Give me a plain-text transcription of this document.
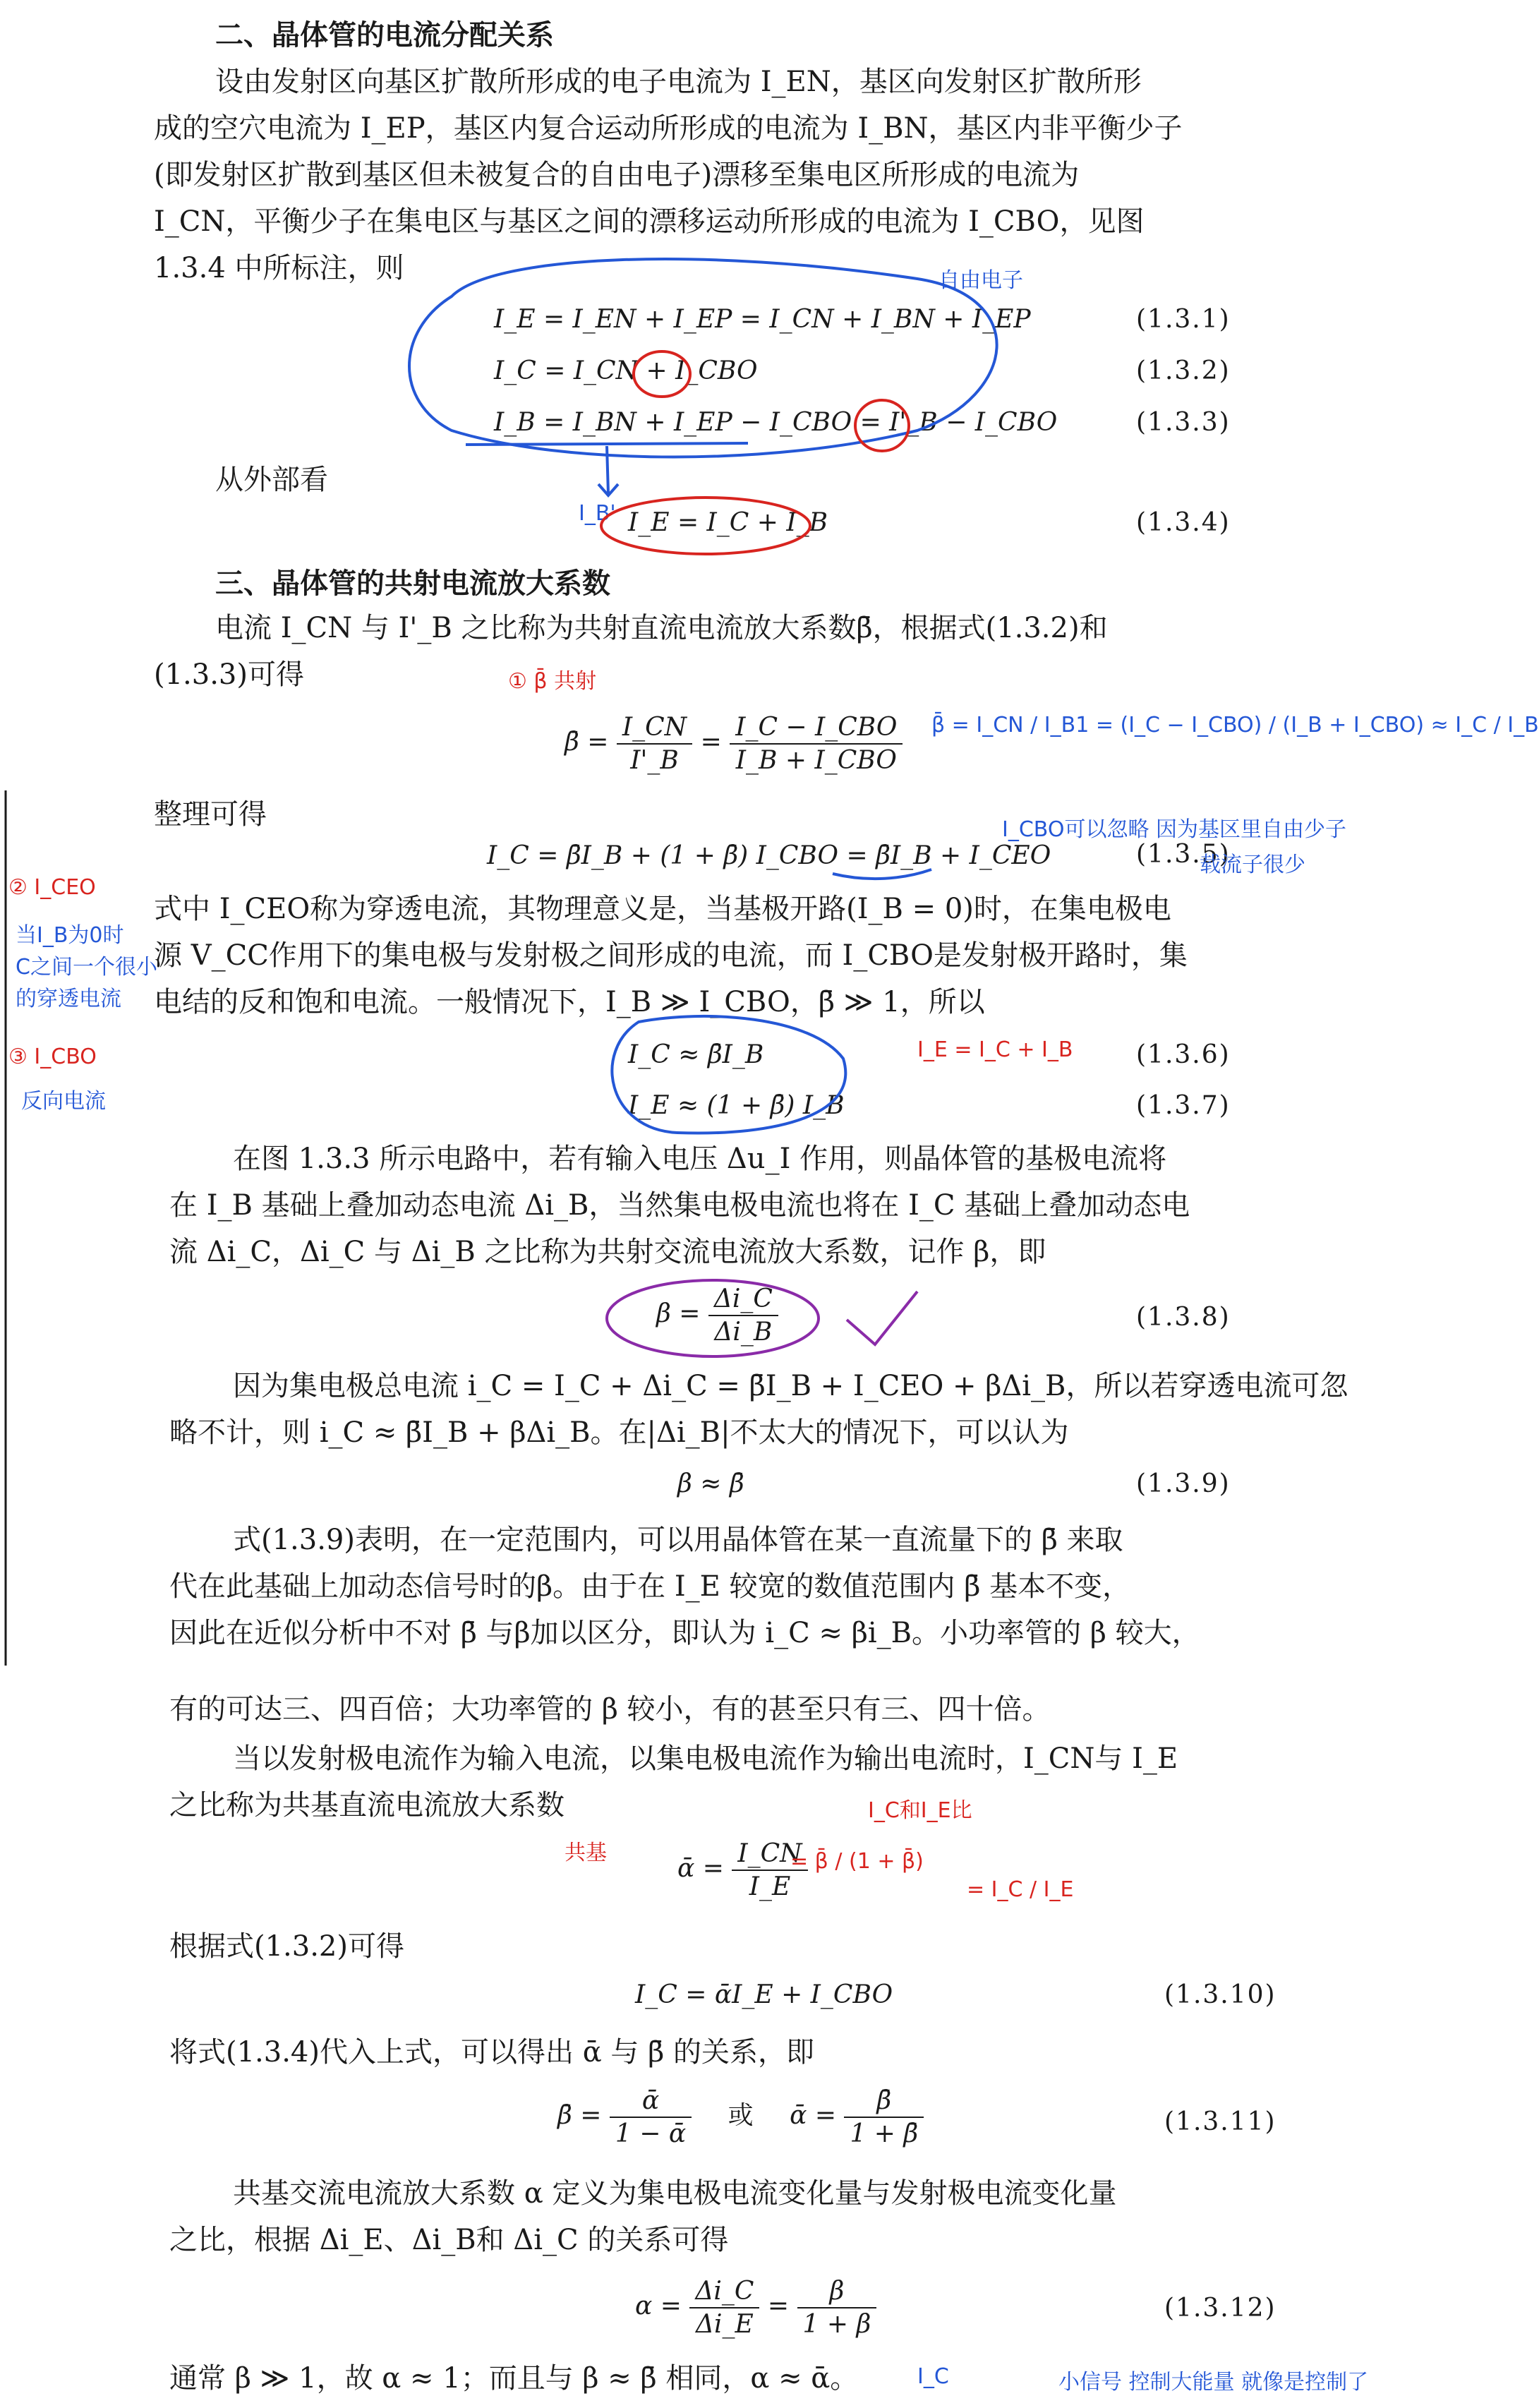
二、晶体管的电流分配关系
设由发射区向基区扩散所形成的电子电流为 I_EN，基区向发射区扩散所形
成的空穴电流为 I_EP，基区内复合运动所形成的电流为 I_BN，基区内非平衡少子
(即发射区扩散到基区但未被复合的自由电子)漂移至集电区所形成的电流为
I_CN，平衡少子在集电区与基区之间的漂移运动所形成的电流为 I_CBO，见图
1.3.4 中所标注，则
I_E = I_EN + I_EP = I_CN + I_BN + I_EP	(1.3.1)
I_C = I_CN + I_CBO	(1.3.2)
I_B = I_BN + I_EP − I_CBO = I'_B − I_CBO	(1.3.3)
从外部看
I_E = I_C + I_B	(1.3.4)
三、晶体管的共射电流放大系数
电流 I_CN 与 I'_B 之比称为共射直流电流放大系数β̄，根据式(1.3.2)和
(1.3.3)可得
β̄ = $\frac{I\_CN}{I'\_B} = \frac{\text{I\_C − I\_CBO}}{\text{I\_B + I\_CBO}}$
整理可得
I_C = β̄I_B + (1 + β̄) I_CBO = β̄I_B + I_CEO	(1.3.5)
式中 I_CEO称为穿透电流，其物理意义是，当基极开路(I_B = 0)时，在集电极电
源 V_CC作用下的集电极与发射极之间形成的电流，而 I_CBO是发射极开路时，集
电结的反和饱和电流。一般情况下，I_B ≫ I_CBO，β̄ ≫ 1，所以
I_C ≈ β̄I_B	(1.3.6)
I_E ≈ (1 + β̄) I_B	(1.3.7)
在图 1.3.3 所示电路中，若有输入电压 Δu_I 作用，则晶体管的基极电流将
在 I_B 基础上叠加动态电流 Δi_B，当然集电极电流也将在 I_C 基础上叠加动态电
流 Δi_C，Δi_C 与 Δi_B 之比称为共射交流电流放大系数，记作 β，即
$\beta = \frac{\Delta i\_C}{\Delta i\_B}$	(1.3.8)
因为集电极总电流 i_C = I_C + Δi_C = β̄I_B + I_CEO + βΔi_B，所以若穿透电流可忽
略不计，则 i_C ≈ β̄I_B + βΔi_B。在|Δi_B|不太大的情况下，可以认为
β ≈ β̄	(1.3.9)
式(1.3.9)表明，在一定范围内，可以用晶体管在某一直流量下的 β̄ 来取
代在此基础上加动态信号时的β。由于在 I_E 较宽的数值范围内 β̄ 基本不变，
因此在近似分析中不对 β̄ 与β加以区分，即认为 i_C ≈ βi_B。小功率管的 β 较大，
有的可达三、四百倍；大功率管的 β 较小，有的甚至只有三、四十倍。
当以发射极电流作为输入电流，以集电极电流作为输出电流时，I_CN与 I_E
之比称为共基直流电流放大系数
ᾱ = $\frac{I\_CN}{I\_E}$
根据式(1.3.2)可得
I_C = ᾱI_E + I_CBO	(1.3.10)
将式(1.3.4)代入上式，可以得出 ᾱ 与 β̄ 的关系，即
β̄ = $\frac{\text{ᾱ}}{\text{1 − ᾱ}}$ 或 ᾱ = $\frac{\betā}{1 + \betā}$	(1.3.11)
共基交流电流放大系数 α 定义为集电极电流变化量与发射极电流变化量
之比，根据 Δi_E、Δi_B和 Δi_C 的关系可得
$\alpha = \frac{\Delta i\_C}{\Delta i\_E} = \frac{\beta}{1 + \beta}$	(1.3.12)
通常 β ≫ 1，故 α ≈ 1；而且与 β ≈ β̄ 相同，α ≈ ᾱ。
自由电子
I_B'
① β̄ 共射
β̄ = I_CN / I_B1 = (I_C − I_CBO) / (I_B + I_CBO) ≈ I_C / I_B
I_CBO可以忽略 因为基区里自由少子
载流子很少
② I_CEO
当I_B为0时
C之间一个很小
的穿透电流
③ I_CBO
反向电流
I_E = I_C + I_B
I_C和I_E比
共基	= β̄ / (1 + β̄)
= I_C / I_E
I_C	小信号 控制大能量 就像是控制了
